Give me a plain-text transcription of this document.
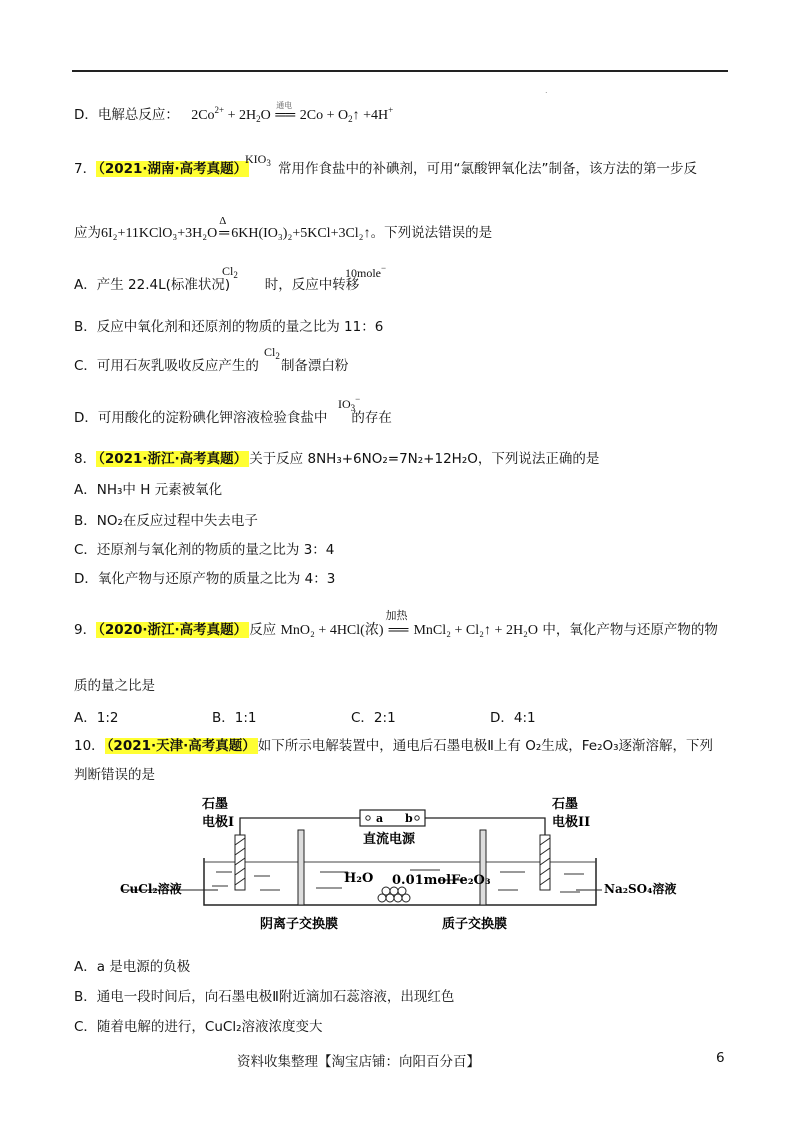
.
D．电解总反应： $2Co^{2+} + 2H_2O$
通电
══ $2Co + O_2↑ +4H^+$
7． （2021·湖南·高考真题）
$KIO_3$ 常用作食盐中的补碘剂，可用“氯酸钾氧化法”制备，该方法的第一步反
应为6I₂+11KClO₃+3H₂O
Δ
═ 6KH(IO₃)₂+5KCl+3Cl₂↑。下列说法错误的是
A．产生 22.4L(标准状况)	时，反应中转移
$Cl_2$	10mole−
B．反应中氧化剂和还原剂的物质的量之比为 11：6
C．可用石灰乳吸收反应产生的 制备漂白粉
$Cl_2$
D．可用酸化的淀粉碘化钾溶液检验食盐中 的存在
$IO_3^-$
8． （2021·浙江·高考真题） 关于反应 8NH₃+6NO₂=7N₂+12H₂O，下列说法正确的是
A．NH₃中 H 元素被氧化
B．NO₂在反应过程中失去电子
C．还原剂与氧化剂的物质的量之比为 3：4
D．氧化产物与还原产物的质量之比为 4：3
9． （2020·浙江·高考真题） 反应 MnO₂ + 4HCl(浓)
加热
══ MnCl₂ + Cl₂↑ + 2H₂O 中，氧化产物与还原产物的物
质的量之比是
A．1:2	B．1:1	C．2:1	D．4:1
10． （2021·天津·高考真题） 如下所示电解装置中，通电后石墨电极Ⅱ上有 O₂生成，Fe₂O₃逐渐溶解，下列
判断错误的是
a b
直流电源
石墨
电极I
石墨
电极II
H₂O 0.01molFe₂O₃
CuCl₂溶液	Na₂SO₄溶液
阴离子交换膜	质子交换膜
A．a 是电源的负极
B．通电一段时间后，向石墨电极Ⅱ附近滴加石蕊溶液，出现红色
C．随着电解的进行，CuCl₂溶液浓度变大
资料收集整理【淘宝店铺：向阳百分百】	6
